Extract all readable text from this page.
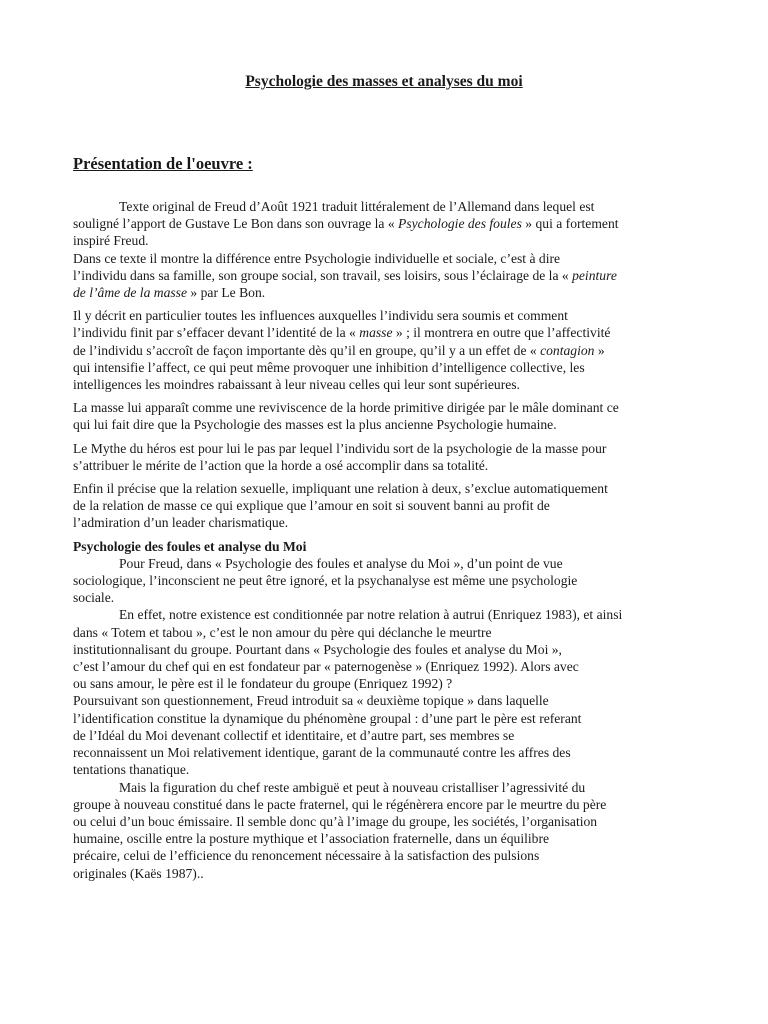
Psychologie des masses et analyses du moi
Présentation de l'oeuvre :

Texte original de Freud d’Août 1921 traduit littéralement de l’Allemand dans lequel est
souligné l’apport de Gustave Le Bon dans son ouvrage la « Psychologie des foules » qui a fortement
inspiré Freud.

Dans ce texte il montre la différence entre Psychologie individuelle et sociale, c’est à dire
l’individu dans sa famille, son groupe social, son travail, ses loisirs, sous l’éclairage de la « peinture
de l’âme de la masse » par Le Bon.

Il y décrit en particulier toutes les influences auxquelles l’individu sera soumis et comment
l’individu finit par s’effacer devant l’identité de la « masse » ; il montrera en outre que l’affectivité
de l’individu s’accroît de façon importante dès qu’il en groupe, qu’il y a un effet de « contagion »
qui intensifie l’affect, ce qui peut même provoquer une inhibition d’intelligence collective, les
intelligences les moindres rabaissant à leur niveau celles qui leur sont supérieures.

La masse lui apparaît comme une reviviscence de la horde primitive dirigée par le mâle dominant ce
qui lui fait dire que la Psychologie des masses est la plus ancienne Psychologie humaine.

Le Mythe du héros est pour lui le pas par lequel l’individu sort de la psychologie de la masse pour
s’attribuer le mérite de l’action que la horde a osé accomplir dans sa totalité.

Enfin il précise que la relation sexuelle, impliquant une relation à deux, s’exclue automatiquement
de la relation de masse ce qui explique que l’amour en soit si souvent banni au profit de
l’admiration d’un leader charismatique.

Psychologie des foules et analyse du Moi

Pour Freud, dans « Psychologie des foules et analyse du Moi », d’un point de vue
sociologique, l’inconscient ne peut être ignoré, et la psychanalyse est même une psychologie
sociale.

En effet, notre existence est conditionnée par notre relation à autrui (Enriquez 1983), et ainsi
dans « Totem et tabou », c’est le non amour du père qui déclanche le meurtre
institutionnalisant du groupe. Pourtant dans « Psychologie des foules et analyse du Moi »,
c’est l’amour du chef qui en est fondateur par « paternogenèse » (Enriquez 1992). Alors avec
ou sans amour, le père est il le fondateur du groupe (Enriquez 1992) ?
Poursuivant son questionnement, Freud introduit sa « deuxième topique » dans laquelle
l’identification constitue la dynamique du phénomène groupal : d’une part le père est referant
de l’Idéal du Moi devenant collectif et identitaire, et d’autre part, ses membres se
reconnaissent un Moi relativement identique, garant de la communauté contre les affres des
tentations thanatique.

Mais la figuration du chef reste ambiguë et peut à nouveau cristalliser l’agressivité du
groupe à nouveau constitué dans le pacte fraternel, qui le régénèrera encore par le meurtre du père
ou celui d’un bouc émissaire. Il semble donc qu’à l’image du groupe, les sociétés, l’organisation
humaine, oscille entre la posture mythique et l’association fraternelle, dans un équilibre
précaire, celui de l’efficience du renoncement nécessaire à la satisfaction des pulsions
originales (Kaës 1987)..
